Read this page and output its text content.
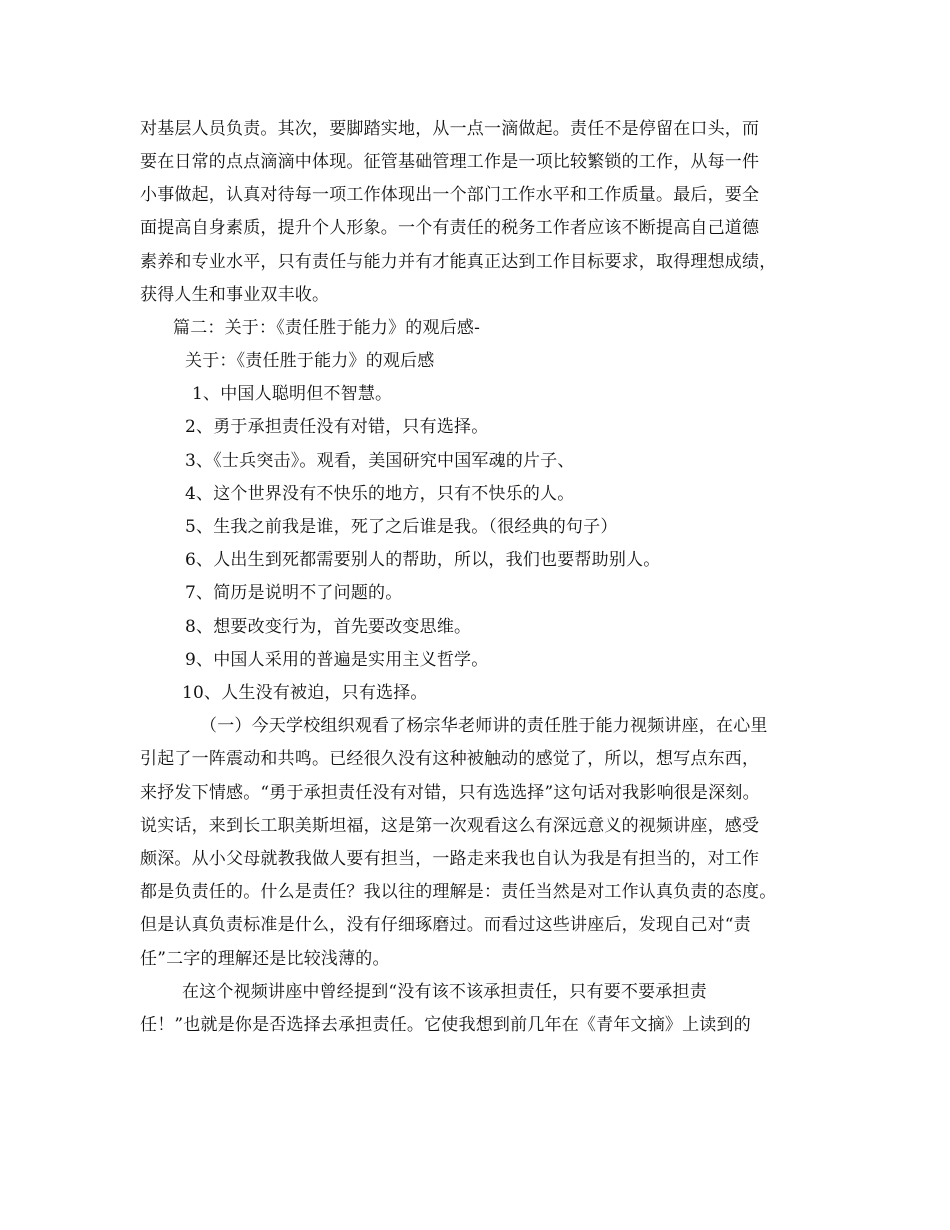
对基层人员负责。其次，要脚踏实地，从一点一滴做起。责任不是停留在口头，而
要在日常的点点滴滴中体现。征管基础管理工作是一项比较繁锁的工作，从每一件
小事做起，认真对待每一项工作体现出一个部门工作水平和工作质量。最后，要全
面提高自身素质，提升个人形象。一个有责任的税务工作者应该不断提高自己道德
素养和专业水平，只有责任与能力并有才能真正达到工作目标要求，取得理想成绩，
获得人生和事业双丰收。
篇二：关于：《责任胜于能力》的观后感-
关于：《责任胜于能力》的观后感
1、中国人聪明但不智慧。
2、勇于承担责任没有对错，只有选择。
3、《士兵突击》。观看，美国研究中国军魂的片子、
4、这个世界没有不快乐的地方，只有不快乐的人。
5、生我之前我是谁，死了之后谁是我。（很经典的句子）
6、人出生到死都需要别人的帮助，所以，我们也要帮助别人。
7、简历是说明不了问题的。
8、想要改变行为，首先要改变思维。
9、中国人采用的普遍是实用主义哲学。
10、人生没有被迫，只有选择。
（一）今天学校组织观看了杨宗华老师讲的责任胜于能力视频讲座，在心里
引起了一阵震动和共鸣。已经很久没有这种被触动的感觉了，所以，想写点东西，
来抒发下情感。“勇于承担责任没有对错，只有选选择”这句话对我影响很是深刻。
说实话，来到长工职美斯坦福，这是第一次观看这么有深远意义的视频讲座，感受
颇深。从小父母就教我做人要有担当，一路走来我也自认为我是有担当的，对工作
都是负责任的。什么是责任？我以往的理解是：责任当然是对工作认真负责的态度。
但是认真负责标准是什么，没有仔细琢磨过。而看过这些讲座后，发现自己对“责
任”二字的理解还是比较浅薄的。
在这个视频讲座中曾经提到“没有该不该承担责任，只有要不要承担责
任！”也就是你是否选择去承担责任。它使我想到前几年在《青年文摘》上读到的
